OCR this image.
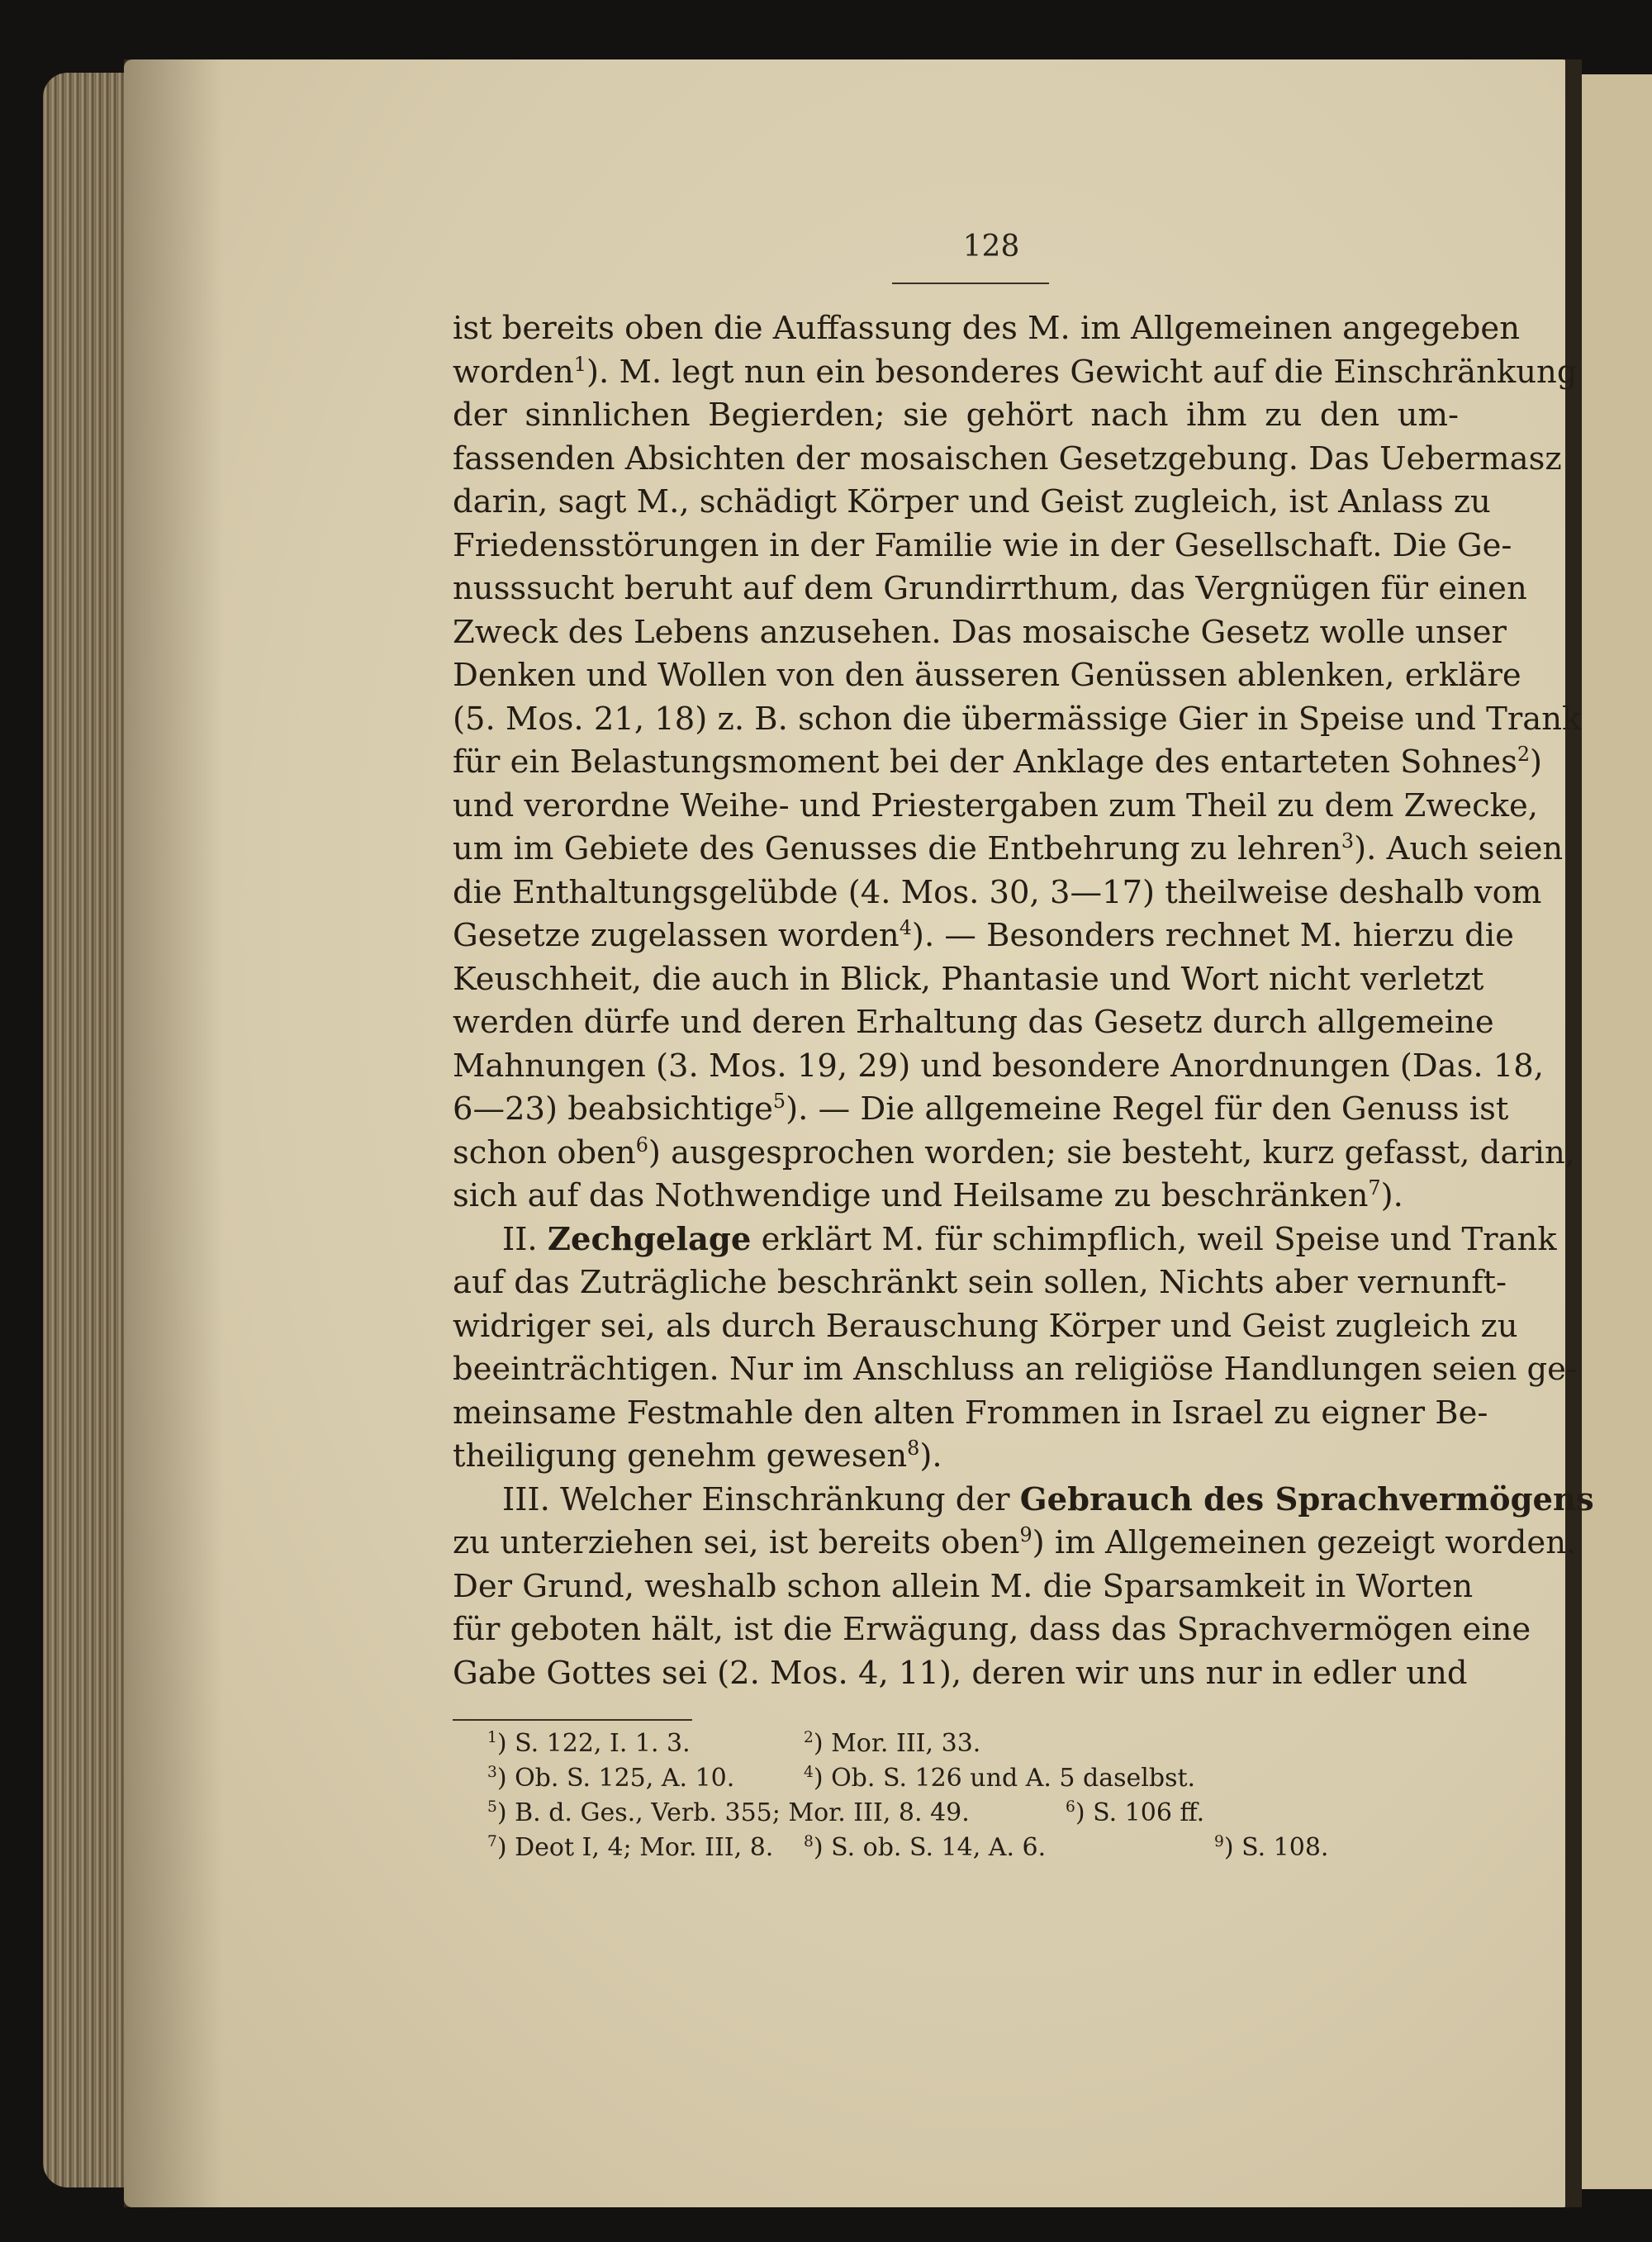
128
ist bereits oben die Auffassung des M. im Allgemeinen angegeben
worden$^1$). M. legt nun ein besonderes Gewicht auf die Einschränkung
der sinnlichen Begierden; sie gehört nach ihm zu den um-
fassenden Absichten der mosaischen Gesetzgebung. Das Uebermasz
darin, sagt M., schädigt Körper und Geist zugleich, ist Anlass zu
Friedensstörungen in der Familie wie in der Gesellschaft. Die Ge-
nusssucht beruht auf dem Grundirrthum, das Vergnügen für einen
Zweck des Lebens anzusehen. Das mosaische Gesetz wolle unser
Denken und Wollen von den äusseren Genüssen ablenken, erkläre
(5. Mos. 21, 18) z. B. schon die übermässige Gier in Speise und Trank
für ein Belastungsmoment bei der Anklage des entarteten Sohnes$^2$)
und verordne Weihe- und Priestergaben zum Theil zu dem Zwecke,
um im Gebiete des Genusses die Entbehrung zu lehren$^3$). Auch seien
die Enthaltungsgelübde (4. Mos. 30, 3—17) theilweise deshalb vom
Gesetze zugelassen worden$^4$). — Besonders rechnet M. hierzu die
Keuschheit, die auch in Blick, Phantasie und Wort nicht verletzt
werden dürfe und deren Erhaltung das Gesetz durch allgemeine
Mahnungen (3. Mos. 19, 29) und besondere Anordnungen (Das. 18,
6—23) beabsichtige$^5$). — Die allgemeine Regel für den Genuss ist
schon oben$^6$) ausgesprochen worden; sie besteht, kurz gefasst, darin,
sich auf das Nothwendige und Heilsame zu beschränken$^7$).
II. Zechgelage erklärt M. für schimpflich, weil Speise und Trank
auf das Zuträgliche beschränkt sein sollen, Nichts aber vernunft-
widriger sei, als durch Berauschung Körper und Geist zugleich zu
beeinträchtigen. Nur im Anschluss an religiöse Handlungen seien ge-
meinsame Festmahle den alten Frommen in Israel zu eigner Be-
theiligung genehm gewesen$^8$).
III. Welcher Einschränkung der Gebrauch des Sprachvermögens
zu unterziehen sei, ist bereits oben$^9$) im Allgemeinen gezeigt worden.
Der Grund, weshalb schon allein M. die Sparsamkeit in Worten
für geboten hält, ist die Erwägung, dass das Sprachvermögen eine
Gabe Gottes sei (2. Mos. 4, 11), deren wir uns nur in edler und
$^1$) S. 122, I. 1. 3.	$^2$) Mor. III, 33.
$^3$) Ob. S. 125, A. 10.	$^4$) Ob. S. 126 und A. 5 daselbst.
$^5$) B. d. Ges., Verb. 355; Mor. III, 8. 49.	$^6$) S. 106 ff.
$^7$) Deot I, 4; Mor. III, 8. $^8$) S. ob. S. 14, A. 6.	$^9$) S. 108.
